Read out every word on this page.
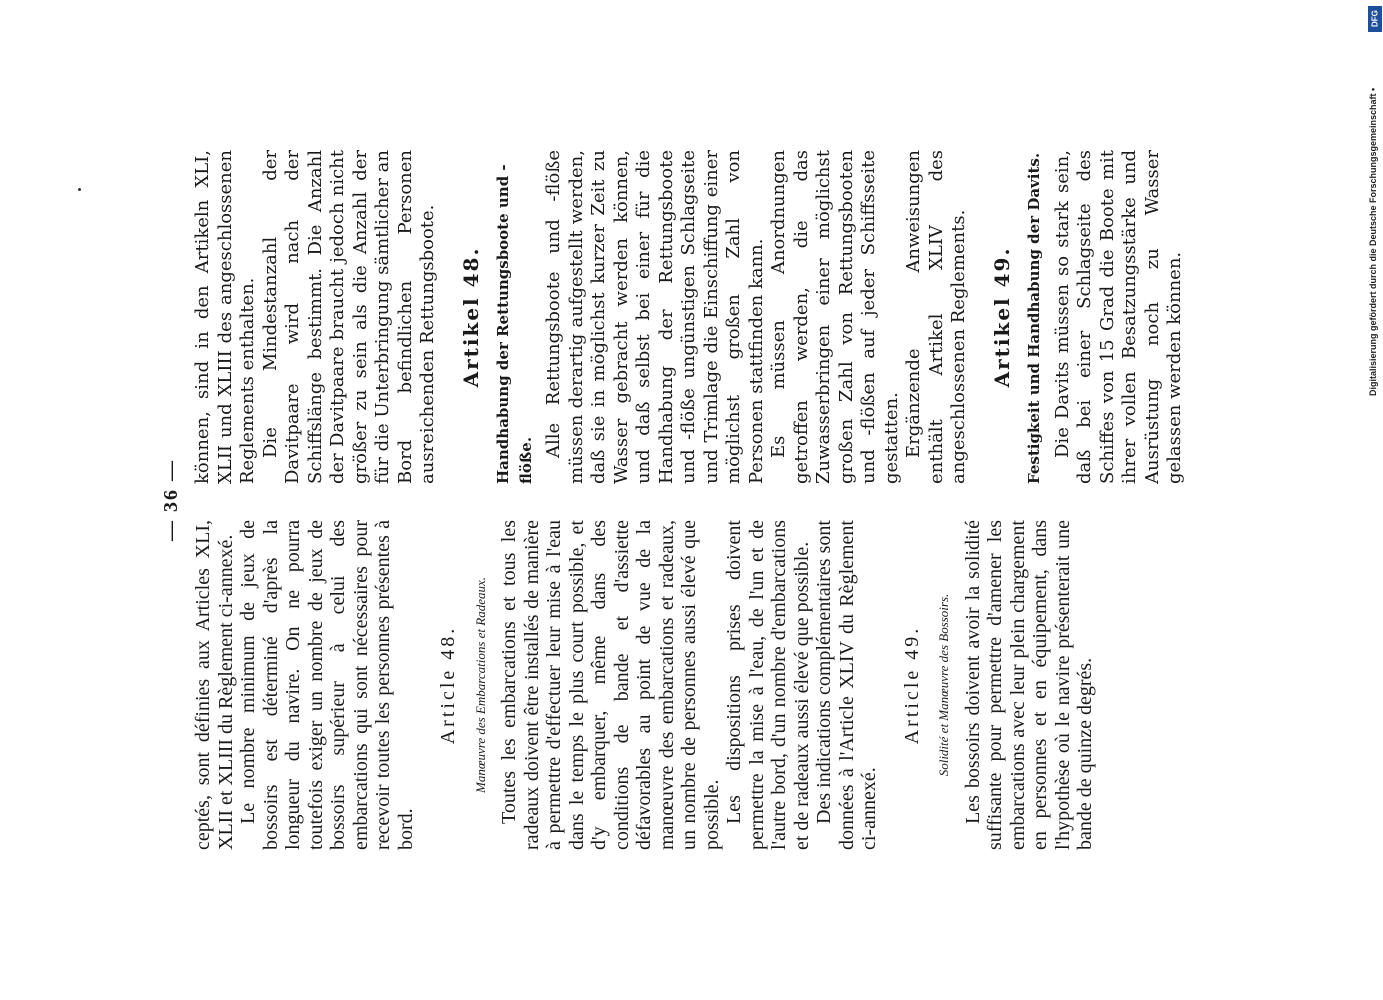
— 36 —

ceptés, sont définies aux Articles XLI, XLII et XLIII du Règlement ci-annexé. Le nombre minimum de jeux de bossoirs est déterminé d'après la longueur du navire. On ne pourra toutefois exiger un nombre de jeux de bossoirs supérieur à celui des embarcations qui sont nécessaires pour recevoir toutes les personnes présentes à bord.

Article 48. Manœuvre des Embarcations et Radeaux. Toutes les embarcations et tous les radeaux doivent être installés de manière à permettre d'effectuer leur mise à l'eau dans le temps le plus court possible, et d'y embarquer, même dans des conditions de bande et d'assiette défavorables au point de vue de la manœuvre des embarcations et radeaux, un nombre de personnes aussi élevé que possible. Les dispositions prises doivent permettre la mise à l'eau, de l'un et de l'autre bord, d'un nombre d'embarcations et de radeaux aussi élevé que possible. Des indications complémentaires sont données à l'Article XLIV du Règlement ci-annexé.

Article 49. Solidité et Manœuvre des Bossoirs. Les bossoirs doivent avoir la solidité suffisante pour permettre d'amener les embarcations avec leur plein chargement en personnes et en équipement, dans l'hypothèse où le navire présenterait une bande de quinze degrés.

können, sind in den Artikeln XLI, XLII und XLIII des angeschlossenen Reglements enthalten. Die Mindestanzahl der Davitpaare wird nach der Schiffslänge bestimmt. Die Anzahl der Davitpaare braucht jedoch nicht größer zu sein als die Anzahl der für die Unterbringung sämtlicher an Bord befindlichen Personen ausreichenden Rettungsboote. Artikel 48. Handhabung der Rettungsboote und -flöße.

Alle Rettungsboote und -flöße müssen derartig aufgestellt werden, daß sie in möglichst kurzer Zeit zu Wasser gebracht werden können, und daß selbst bei einer für die Handhabung der Rettungsboote und -flöße ungünstigen Schlagseite und Trimlage die Einschiffung einer möglichst großen Zahl von Personen stattfinden kann. Es müssen Anordnungen getroffen werden, die das Zuwasserbringen einer möglichst großen Zahl von Rettungsbooten und -flößen auf jeder Schiffsseite gestatten. Ergänzende Anweisungen enthält Artikel XLIV des angeschlossenen Reglements. Artikel 49. Festigkeit und Handhabung der Davits. Die Davits müssen so stark sein, daß bei einer Schlagseite des Schiffes von 15 Grad die Boote mit ihrer vollen Besatzungsstärke und Ausrüstung noch zu Wasser gelassen werden können.

DFG
Digitalisierung gefördert durch die Deutsche Forschungsgemeinschaft •
